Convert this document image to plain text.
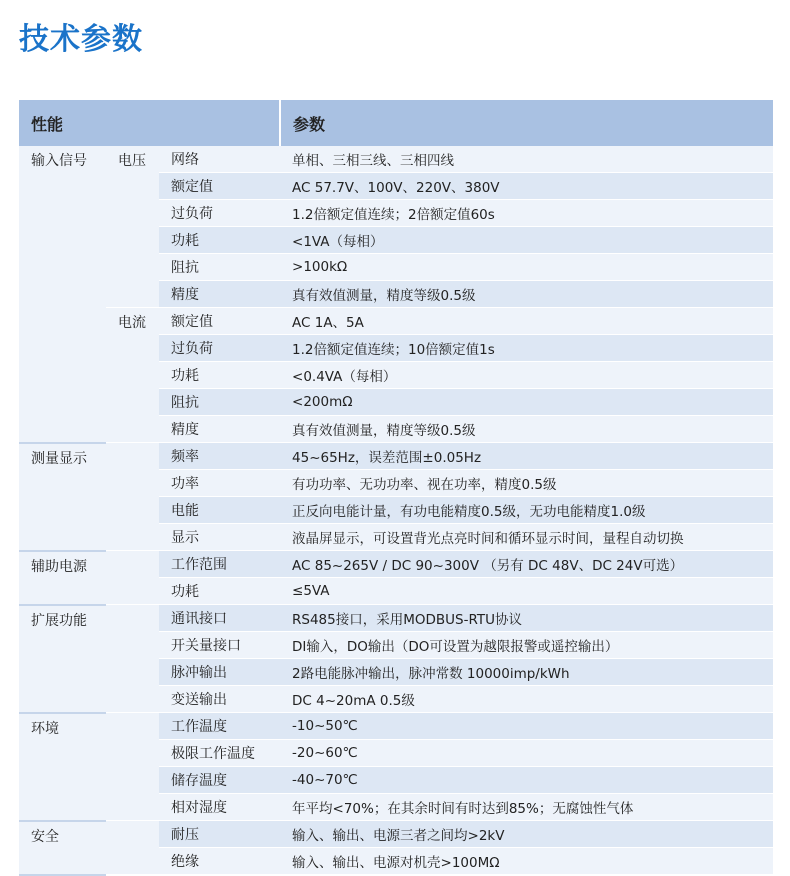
技术参数
性能			参数
输入信号	电压	网络	单相、三相三线、三相四线
		额定值	AC 57.7V、100V、220V、380V
		过负荷	1.2倍额定值连续；2倍额定值60s
		功耗	<1VA（每相）
		阻抗	>100kΩ
		精度	真有效值测量，精度等级0.5级
	电流	额定值	AC 1A、5A
		过负荷	1.2倍额定值连续；10倍额定值1s
		功耗	<0.4VA（每相）
		阻抗	<200mΩ
		精度	真有效值测量，精度等级0.5级
测量显示		频率	45~65Hz，误差范围±0.05Hz
		功率	有功功率、无功功率、视在功率，精度0.5级
		电能	正反向电能计量，有功电能精度0.5级，无功电能精度1.0级
		显示	液晶屏显示，可设置背光点亮时间和循环显示时间，量程自动切换
辅助电源		工作范围	AC 85~265V / DC 90~300V （另有 DC 48V、DC 24V可选）
		功耗	≤5VA
扩展功能		通讯接口	RS485接口，采用MODBUS-RTU协议
		开关量接口	DI输入，DO输出（DO可设置为越限报警或遥控输出）
		脉冲输出	2路电能脉冲输出，脉冲常数 10000imp/kWh
		变送输出	DC 4~20mA 0.5级
环境		工作温度	-10~50℃
		极限工作温度	-20~60℃
		储存温度	-40~70℃
		相对湿度	年平均<70%；在其余时间有时达到85%；无腐蚀性气体
安全		耐压	输入、输出、电源三者之间均>2kV
		绝缘	输入、输出、电源对机壳>100MΩ
